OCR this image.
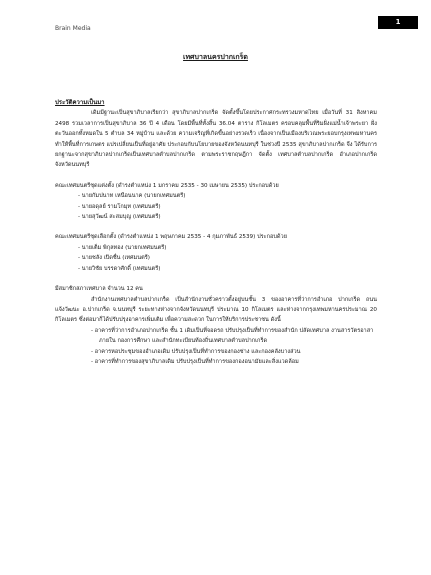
Brain Media
1
เทศบาลนครปากเกร็ด

ประวัติความเป็นมา

เดิมมีฐานะเป็นสุขาภิบาลเรียกว่า สุขาภิบาลปากเกร็ด จัดตั้งขึ้นโดยประกาศกระทรวงมหาดไทย เมื่อวันที่ 31 สิงหาคม 2498 รวมเวลาการเป็นสุขาภิบาล 36 ปี 4 เดือน โดยมีพื้นที่ทั้งสิ้น 36.04 ตาราง กิโลเมตร ครอบคลุมพื้นที่ริมฝั่งแม่น้ำเจ้าพระยา ฝั่งตะวันออกทั้งหมดใน 5 ตำบล 34 หมู่บ้าน และด้วย ความเจริญที่เกิดขึ้นอย่างรวดเร็ว เนื่องจากเป็นเมืองบริเวณพระยอบกรุงเทพมหานคร ทำให้พื้นที่การเกษตร แปรเปลี่ยนเป็นที่อยู่อาศัย ประกอบกับนโยบายของจังหวัดนนทบุรี ในช่วงปี 2535 สุขาภิบาลปากเกร็ด จึง ได้รับการยกฐานะจากสุขาภิบาลปากเกร็ดเป็นเทศบาลตำบลปากเกร็ด ตามพระราชกฤษฎีกา จัดตั้ง เทศบาลตำบลปากเกร็ด อำเภอปากเกร็ด จังหวัดนนทบุรี

คณะเทศมนตรีชุดแต่งตั้ง (ดำรงตำแหน่ง 1 มกราคม 2535 - 30 เมษายน 2535) ประกอบด้วย

- นายกัมปนาท เหนือนนาค (นายกเทศมนตรี)

- นายอดุลย์ รามโกมุท (เทศมนตรี)

- นายสุวัฒน์ สะสมบุญ (เทศมนตรี)

คณะเทศมนตรีชุดเลือกตั้ง (ดำรงตำแหน่ง 1 พฤษภาคม 2535 - 4 กุมภาพันธ์ 2539) ประกอบด้วย

- นายเต็ม พิกุลทอง (นายกเทศมนตรี)

- นายชลัง เปิดชื่น (เทศมนตรี)

- นายวิชัย บรรดาศักดิ์ (เทศมนตรี)

มีสมาชิกสภาเทศบาล จำนวน 12 คน

สำนักงานเทศบาลตำบลปากเกร็ด เป็นสำนักงานชั่วคราวตั้งอยู่บนชั้น 3 ของอาคารที่ว่าการอำเภอ ปากเกร็ด ถนนแจ้งวัฒนะ อ.ปากเกร็ด จ.นนทบุรี ระยะทางห่างจากจังหวัดนนทบุรี ประมาณ 10 กิโลเมตร และห่างจากกรุงเทพมหานครประมาณ 20 กิโลเมตร ซึ่งต่อมาก็ได้ปรับปรุงอาคารเพิ่มเติม เพื่อความสะดวก ในการให้บริการประชาชน ดังนี้

- อาคารที่ว่าการอำเภอปากเกร็ด ชั้น 1 เดิมเป็นที่จอดรถ ปรับปรุงเป็นที่ทำการของสำนัก ปลัดเทศบาล งานสารวัตรอาสาภายใน กองการศึกษา และสำนักทะเบียนท้องถิ่นเทศบาลตำบลปากเกร็ด

- อาคารหอประชุมของอำเภอเดิม ปรับปรุงเป็นที่ทำการของกองช่าง และกองคลังบางส่วน

- อาคารที่ทำการของสุขาภิบาลเดิม ปรับปรุงเป็นที่ทำการของกองอนามัยและสิ่งแวดล้อม
